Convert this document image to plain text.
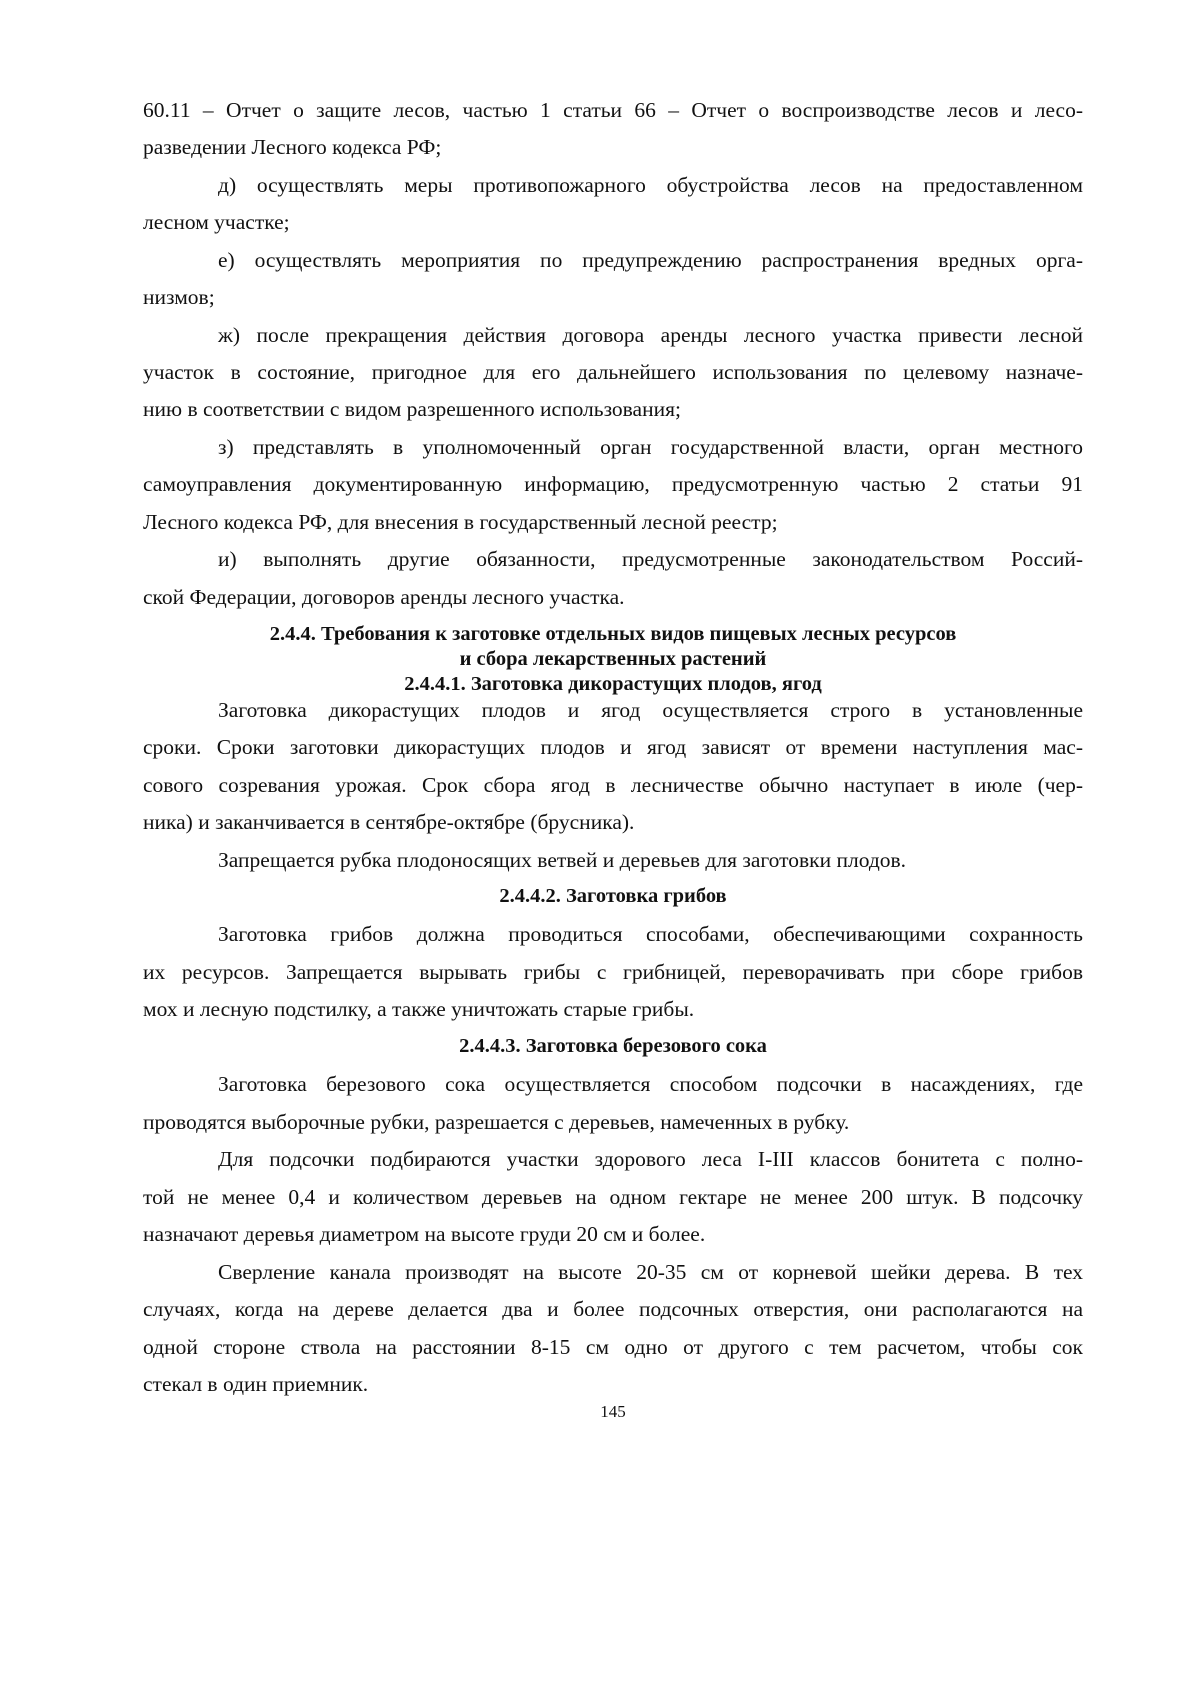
60.11 – Отчет о защите лесов, частью 1 статьи 66 – Отчет о воспроизводстве лесов и лесо-
разведении Лесного кодекса РФ;
д) осуществлять меры противопожарного обустройства лесов на предоставленном
лесном участке;
е) осуществлять мероприятия по предупреждению распространения вредных орга-
низмов;
ж) после прекращения действия договора аренды лесного участка привести лесной
участок в состояние, пригодное для его дальнейшего использования по целевому назначе-
нию в соответствии с видом разрешенного использования;
з) представлять в уполномоченный орган государственной власти, орган местного
самоуправления документированную информацию, предусмотренную частью 2 статьи 91
Лесного кодекса РФ, для внесения в государственный лесной реестр;
и) выполнять другие обязанности, предусмотренные законодательством Россий-
ской Федерации, договоров аренды лесного участка.
2.4.4. Требования к заготовке отдельных видов пищевых лесных ресурсов
и сбора лекарственных растений
2.4.4.1. Заготовка дикорастущих плодов, ягод
Заготовка дикорастущих плодов и ягод осуществляется строго в установленные
сроки. Сроки заготовки дикорастущих плодов и ягод зависят от времени наступления мас-
сового созревания урожая. Срок сбора ягод в лесничестве обычно наступает в июле (чер-
ника) и заканчивается в сентябре-октябре (брусника).
Запрещается рубка плодоносящих ветвей и деревьев для заготовки плодов.
2.4.4.2. Заготовка грибов
Заготовка грибов должна проводиться способами, обеспечивающими сохранность
их ресурсов. Запрещается вырывать грибы с грибницей, переворачивать при сборе грибов
мох и лесную подстилку, а также уничтожать старые грибы.
2.4.4.3. Заготовка березового сока
Заготовка березового сока осуществляется способом подсочки в насаждениях, где
проводятся выборочные рубки, разрешается с деревьев, намеченных в рубку.
Для подсочки подбираются участки здорового леса I-III классов бонитета с полно-
той не менее 0,4 и количеством деревьев на одном гектаре не менее 200 штук. В подсочку
назначают деревья диаметром на высоте груди 20 см и более.
Сверление канала производят на высоте 20-35 см от корневой шейки дерева. В тех
случаях, когда на дереве делается два и более подсочных отверстия, они располагаются на
одной стороне ствола на расстоянии 8-15 см одно от другого с тем расчетом, чтобы сок
стекал в один приемник.
145
